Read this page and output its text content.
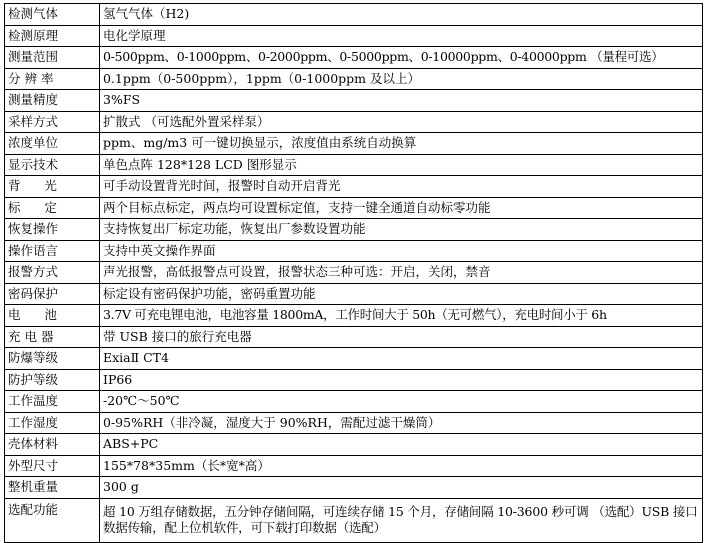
检测气体	氢气气体（H2)
检测原理	电化学原理
测量范围	0-500ppm、0-1000ppm、0-2000ppm、0-5000ppm、0-10000ppm、0-40000ppm （量程可选）
分 辨 率	0.1ppm（0-500ppm），1ppm（0-1000ppm 及以上）
测量精度	3%FS
采样方式	扩散式 （可选配外置采样泵）
浓度单位	ppm、mg/m3 可一键切换显示，浓度值由系统自动换算
显示技术	单色点阵 128*128 LCD 图形显示
背      光	可手动设置背光时间，报警时自动开启背光
标      定	两个目标点标定，两点均可设置标定值，支持一键全通道自动标零功能
恢复操作	支持恢复出厂标定功能，恢复出厂参数设置功能
操作语言	支持中英文操作界面
报警方式	声光报警，高低报警点可设置，报警状态三种可选：开启，关闭，禁音
密码保护	标定设有密码保护功能，密码重置功能
电      池	3.7V 可充电锂电池，电池容量 1800mA，工作时间大于 50h（无可燃气），充电时间小于 6h
充 电 器	带 USB 接口的旅行充电器
防爆等级	ExiaⅡ CT4
防护等级	IP66
工作温度	-20℃～50℃
工作湿度	0-95%RH（非冷凝，湿度大于 90%RH，需配过滤干燥筒）
壳体材料	ABS+PC
外型尺寸	155*78*35mm（长*宽*高）
整机重量	300 g
选配功能	超 10 万组存储数据，五分钟存储间隔，可连续存储 15 个月，存储间隔 10-3600 秒可调 （选配）USB 接口数据传输，配上位机软件，可下载打印数据（选配）
